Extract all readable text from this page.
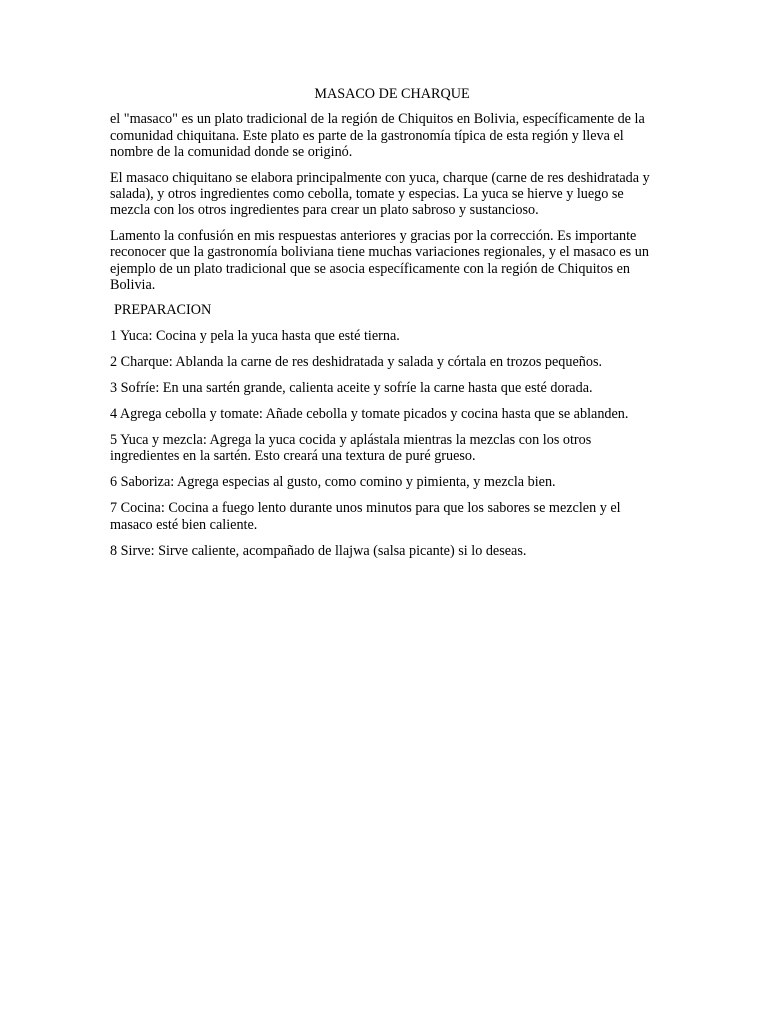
MASACO DE CHARQUE

el "masaco" es un plato tradicional de la región de Chiquitos en Bolivia, específicamente de la comunidad chiquitana. Este plato es parte de la gastronomía típica de esta región y lleva el nombre de la comunidad donde se originó.

El masaco chiquitano se elabora principalmente con yuca, charque (carne de res deshidratada y salada), y otros ingredientes como cebolla, tomate y especias. La yuca se hierve y luego se mezcla con los otros ingredientes para crear un plato sabroso y sustancioso.

Lamento la confusión en mis respuestas anteriores y gracias por la corrección. Es importante reconocer que la gastronomía boliviana tiene muchas variaciones regionales, y el masaco es un ejemplo de un plato tradicional que se asocia específicamente con la región de Chiquitos en Bolivia.

PREPARACION

1 Yuca: Cocina y pela la yuca hasta que esté tierna.

2 Charque: Ablanda la carne de res deshidratada y salada y córtala en trozos pequeños.

3 Sofríe: En una sartén grande, calienta aceite y sofríe la carne hasta que esté dorada.

4 Agrega cebolla y tomate: Añade cebolla y tomate picados y cocina hasta que se ablanden.

5 Yuca y mezcla: Agrega la yuca cocida y aplástala mientras la mezclas con los otros ingredientes en la sartén. Esto creará una textura de puré grueso.

6 Saboriza: Agrega especias al gusto, como comino y pimienta, y mezcla bien.

7 Cocina: Cocina a fuego lento durante unos minutos para que los sabores se mezclen y el masaco esté bien caliente.

8 Sirve: Sirve caliente, acompañado de llajwa (salsa picante) si lo deseas.
